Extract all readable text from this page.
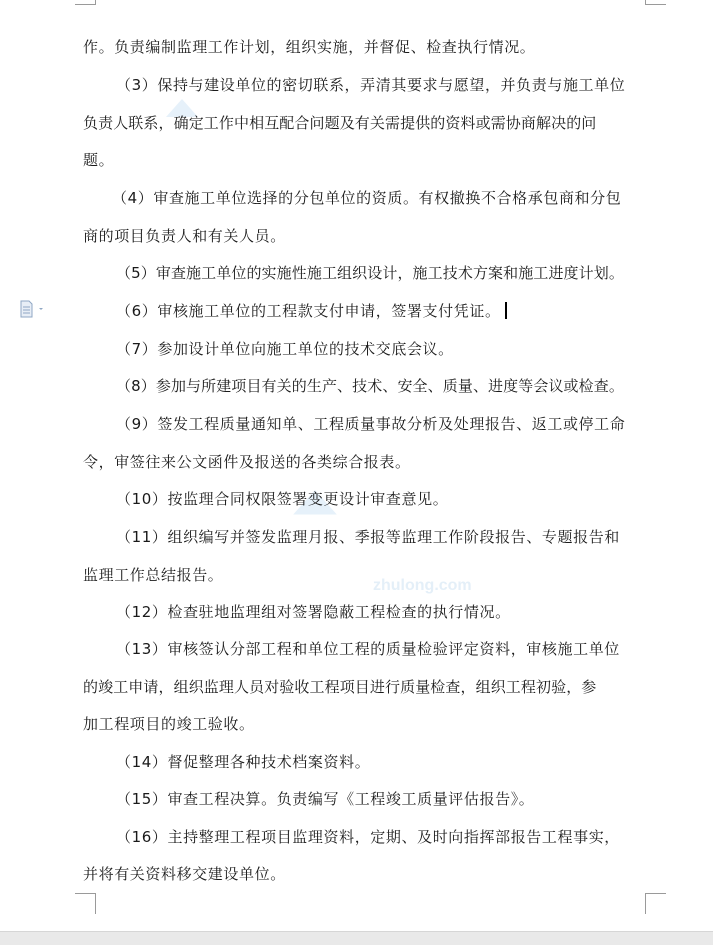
zhulong.com
作。负责编制监理工作计划，组织实施，并督促、检查执行情况。
（3）保持与建设单位的密切联系，弄清其要求与愿望，并负责与施工单位
负责人联系，确定工作中相互配合问题及有关需提供的资料或需协商解决的问
题。
（4）审查施工单位选择的分包单位的资质。有权撤换不合格承包商和分包
商的项目负责人和有关人员。
（5）审查施工单位的实施性施工组织设计，施工技术方案和施工进度计划。
（6）审核施工单位的工程款支付申请，签署支付凭证。
（7）参加设计单位向施工单位的技术交底会议。
（8）参加与所建项目有关的生产、技术、安全、质量、进度等会议或检查。
（9）签发工程质量通知单、工程质量事故分析及处理报告、返工或停工命
令，审签往来公文函件及报送的各类综合报表。
（10）按监理合同权限签署变更设计审查意见。
（11）组织编写并签发监理月报、季报等监理工作阶段报告、专题报告和
监理工作总结报告。
（12）检查驻地监理组对签署隐蔽工程检查的执行情况。
（13）审核签认分部工程和单位工程的质量检验评定资料，审核施工单位
的竣工申请，组织监理人员对验收工程项目进行质量检查，组织工程初验，参
加工程项目的竣工验收。
（14）督促整理各种技术档案资料。
（15）审查工程决算。负责编写《工程竣工质量评估报告》。
（16）主持整理工程项目监理资料，定期、及时向指挥部报告工程事实，
并将有关资料移交建设单位。
